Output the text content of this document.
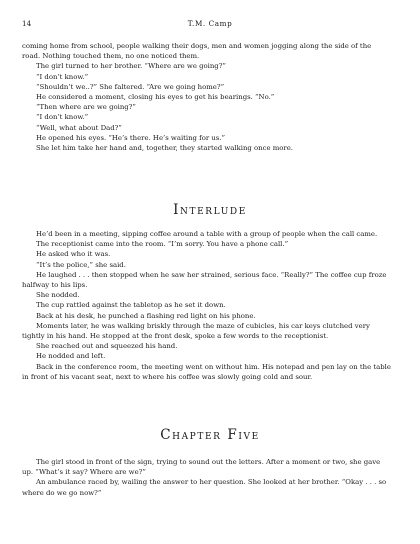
14	T.M. Camp
coming home from school, people walking their dogs, men and women jogging along the side of the
road. Nothing touched them, no one noticed them.
The girl turned to her brother. “Where are we going?”
“I don’t know.”
“Shouldn’t we..?” She faltered. “Are we going home?”
He considered a moment, closing his eyes to get his bearings. “No.”
“Then where are we going?”
“I don’t know.”
“Well, what about Dad?”
He opened his eyes. “He’s there. He’s waiting for us.”
She let him take her hand and, together, they started walking once more.
Interlude
He’d been in a meeting, sipping coffee around a table with a group of people when the call came.
The receptionist came into the room. “I’m sorry. You have a phone call.”
He asked who it was.
“It’s the police,” she said.
He laughed . . . then stopped when he saw her strained, serious face. “Really?” The coffee cup froze
halfway to his lips.
She nodded.
The cup rattled against the tabletop as he set it down.
Back at his desk, he punched a flashing red light on his phone.
Moments later, he was walking briskly through the maze of cubicles, his car keys clutched very
tightly in his hand. He stopped at the front desk, spoke a few words to the receptionist.
She reached out and squeezed his hand.
He nodded and left.
Back in the conference room, the meeting went on without him. His notepad and pen lay on the table
in front of his vacant seat, next to where his coffee was slowly going cold and sour.
Chapter Five
The girl stood in front of the sign, trying to sound out the letters. After a moment or two, she gave
up. “What’s it say? Where are we?”
An ambulance raced by, wailing the answer to her question. She looked at her brother. “Okay . . . so
where do we go now?”
